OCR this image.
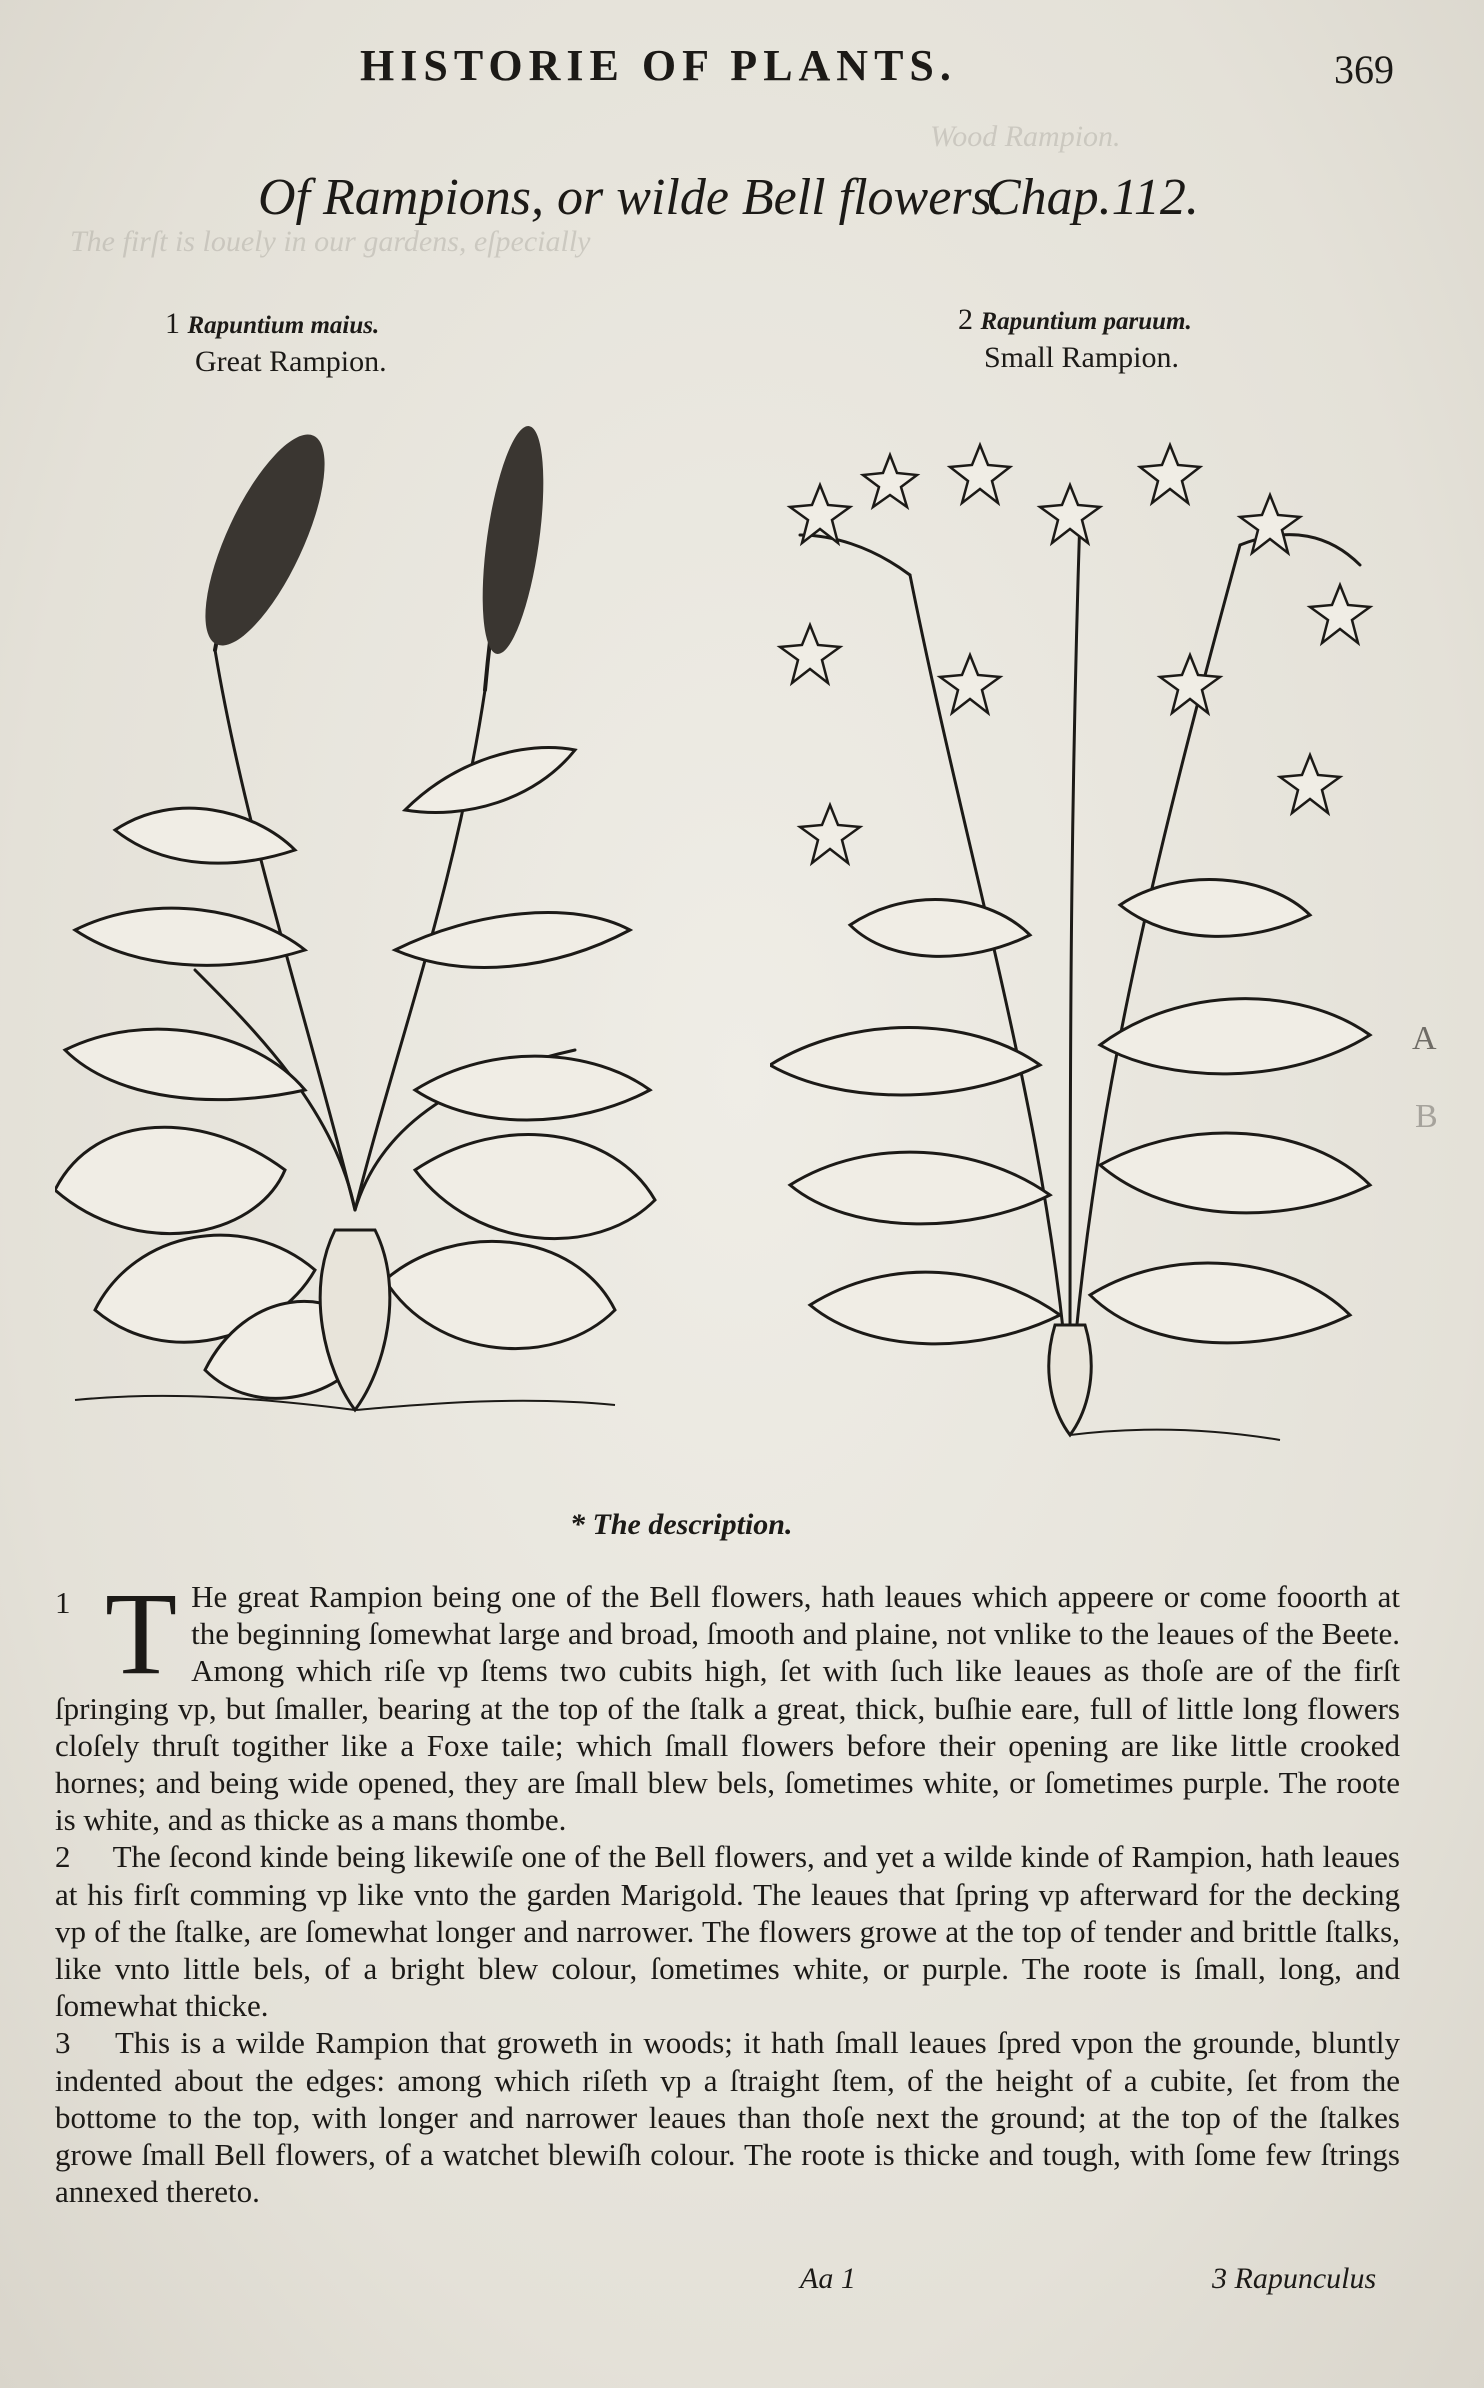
HISTORIE OF PLANTS.	369
Of Rampions, or wilde Bell flowers.
Chap.112.
The firſt is louely in our gardens, eſpecially
Wood Rampion.
1 Rapuntium maius.
Great Rampion.
2 Rapuntium paruum.
Small Rampion.
A
B
* The description.

1 T He great Rampion being one of the Bell flowers, hath leaues which appeere or come fooorth at the beginning ſomewhat large and broad, ſmooth and plaine, not vnlike to the leaues of the Beete. Among which riſe vp ſtems two cubits high, ſet with ſuch like leaues as thoſe are of the firſt ſpringing vp, but ſmaller, bearing at the top of the ſtalk a great, thick, buſhie eare, full of little long flowers cloſely thruſt togither like a Foxe taile; which ſmall flowers before their opening are like little crooked hornes; and being wide opened, they are ſmall blew bels, ſometimes white, or ſometimes purple. The roote is white, and as thicke as a mans thombe.

2 The ſecond kinde being likewiſe one of the Bell flowers, and yet a wilde kinde of Rampion, hath leaues at his firſt comming vp like vnto the garden Marigold. The leaues that ſpring vp afterward for the decking vp of the ſtalke, are ſomewhat longer and narrower. The flowers growe at the top of tender and brittle ſtalks, like vnto little bels, of a bright blew colour, ſometimes white, or purple. The roote is ſmall, long, and ſomewhat thicke.

3 This is a wilde Rampion that groweth in woods; it hath ſmall leaues ſpred vpon the grounde, bluntly indented about the edges: among which riſeth vp a ſtraight ſtem, of the height of a cubite, ſet from the bottome to the top, with longer and narrower leaues than thoſe next the ground; at the top of the ſtalkes growe ſmall Bell flowers, of a watchet blewiſh colour. The roote is thicke and tough, with ſome few ſtrings annexed thereto.

Aa 1	3 Rapunculus
